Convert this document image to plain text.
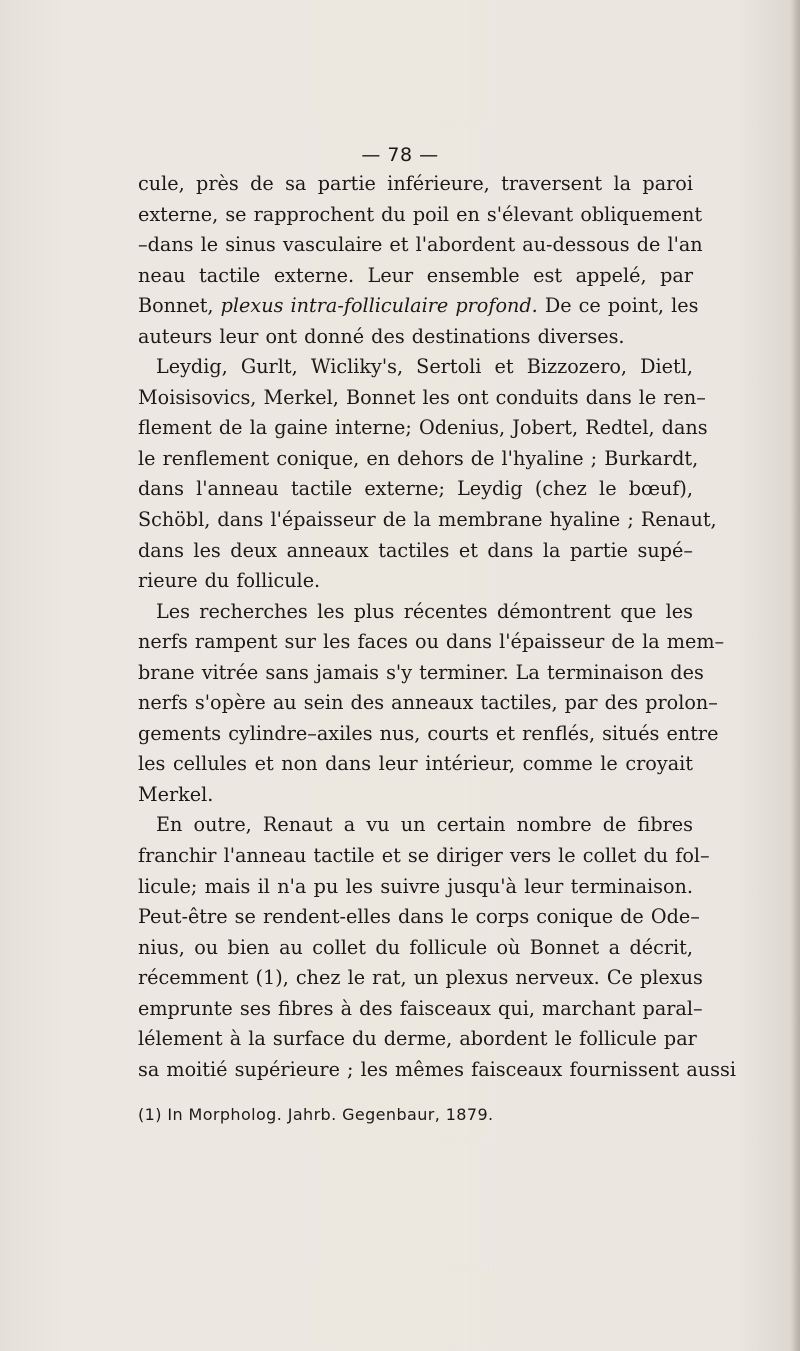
— 78 —
cule, près de sa partie inférieure, traversent la paroi
externe, se rapprochent du poil en s'élevant obliquement
–dans le sinus vasculaire et l'abordent au-dessous de l'an
neau tactile externe. Leur ensemble est appelé, par
Bonnet, plexus intra-folliculaire profond. De ce point, les
auteurs leur ont donné des destinations diverses.
Leydig, Gurlt, Wicliky's, Sertoli et Bizzozero, Dietl,
Moisisovics, Merkel, Bonnet les ont conduits dans le ren–
flement de la gaine interne; Odenius, Jobert, Redtel, dans
le renflement conique, en dehors de l'hyaline ; Burkardt,
dans l'anneau tactile externe; Leydig (chez le bœuf),
Schöbl, dans l'épaisseur de la membrane hyaline ; Renaut,
dans les deux anneaux tactiles et dans la partie supé–
rieure du follicule.
Les recherches les plus récentes démontrent que les
nerfs rampent sur les faces ou dans l'épaisseur de la mem–
brane vitrée sans jamais s'y terminer. La terminaison des
nerfs s'opère au sein des anneaux tactiles, par des prolon–
gements cylindre–axiles nus, courts et renflés, situés entre
les cellules et non dans leur intérieur, comme le croyait
Merkel.
En outre, Renaut a vu un certain nombre de fibres
franchir l'anneau tactile et se diriger vers le collet du fol–
licule; mais il n'a pu les suivre jusqu'à leur terminaison.
Peut-être se rendent-elles dans le corps conique de Ode–
nius, ou bien au collet du follicule où Bonnet a décrit,
récemment (1), chez le rat, un plexus nerveux. Ce plexus
emprunte ses fibres à des faisceaux qui, marchant paral–
lélement à la surface du derme, abordent le follicule par
sa moitié supérieure ; les mêmes faisceaux fournissent aussi
(1) In Morpholog. Jahrb. Gegenbaur, 1879.
